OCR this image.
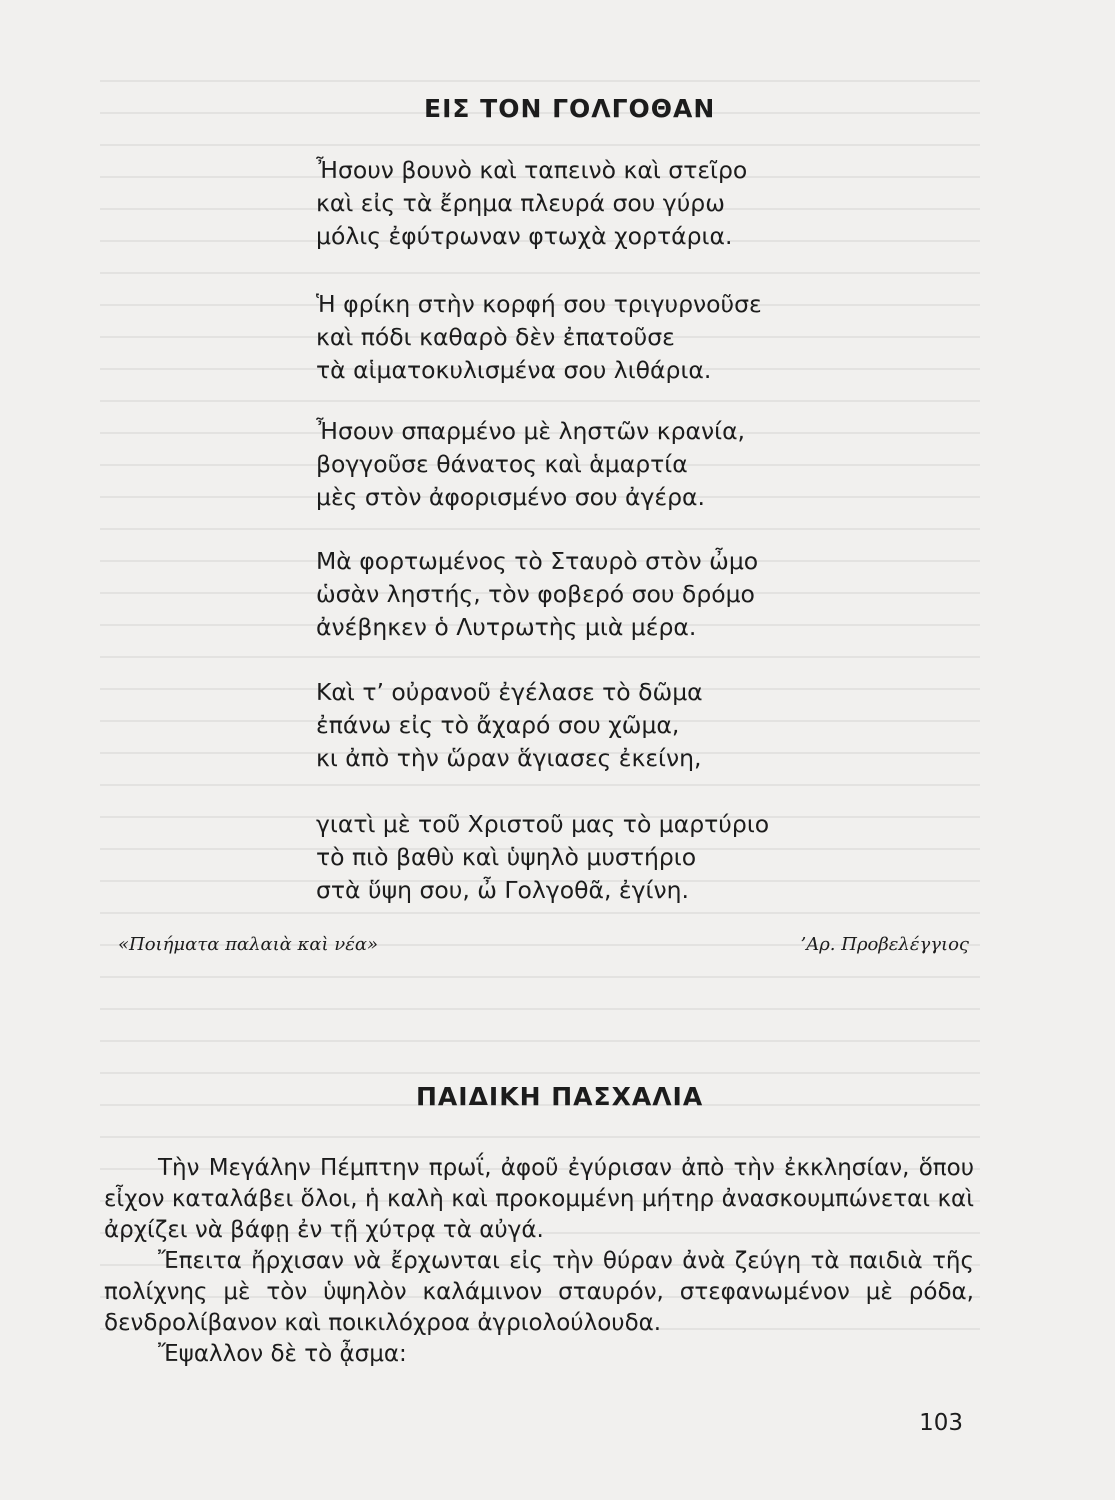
ΕΙΣ ΤΟΝ ΓΟΛΓΟΘΑΝ
Ἦσουν βουνὸ καὶ ταπεινὸ καὶ στεῖρο
καὶ εἰς τὰ ἔρημα πλευρά σου γύρω
μόλις ἐφύτρωναν φτωχὰ χορτάρια.
Ἡ φρίκη στὴν κορφή σου τριγυρνοῦσε
καὶ πόδι καθαρὸ δὲν ἐπατοῦσε
τὰ αἱματοκυλισμένα σου λιθάρια.
Ἦσουν σπαρμένο μὲ ληστῶν κρανία,
βογγοῦσε θάνατος καὶ ἁμαρτία
μὲς στὸν ἀφορισμένο σου ἀγέρα.
Μὰ φορτωμένος τὸ Σταυρὸ στὸν ὦμο
ὡσὰν ληστής, τὸν φοβερό σου δρόμο
ἀνέβηκεν ὁ Λυτρωτὴς μιὰ μέρα.
Καὶ τ’ οὐρανοῦ ἐγέλασε τὸ δῶμα
ἐπάνω εἰς τὸ ἄχαρό σου χῶμα,
κι ἀπὸ τὴν ὥραν ἅγιασες ἐκείνη,
γιατὶ μὲ τοῦ Χριστοῦ μας τὸ μαρτύριο
τὸ πιὸ βαθὺ καὶ ὑψηλὸ μυστήριο
στὰ ὕψη σου, ὦ Γολγοθᾶ, ἐγίνη.
«Ποιήματα παλαιὰ καὶ νέα»	’Αρ. Προβελέγγιος
ΠΑΙΔΙΚΗ ΠΑΣΧΑΛΙΑ

Τὴν Μεγάλην Πέμπτην πρωΐ, ἀφοῦ ἐγύρισαν ἀπὸ τὴν ἐκκλησίαν, ὅπου εἶχον καταλάβει ὅλοι, ἡ καλὴ καὶ προκομμένη μήτηρ ἀνασκουμπώνεται καὶ ἀρχίζει νὰ βάφῃ ἐν τῇ χύτρᾳ τὰ αὐγά.

Ἔπειτα ἤρχισαν νὰ ἔρχωνται εἰς τὴν θύραν ἀνὰ ζεύγη τὰ παιδιὰ τῆς πολίχνης μὲ τὸν ὑψηλὸν καλάμινον σταυρόν, στεφανωμένον μὲ ρόδα, δενδρολίβανον καὶ ποικιλόχροα ἀγριολούλουδα.

Ἔψαλλον δὲ τὸ ᾆσμα:

103
